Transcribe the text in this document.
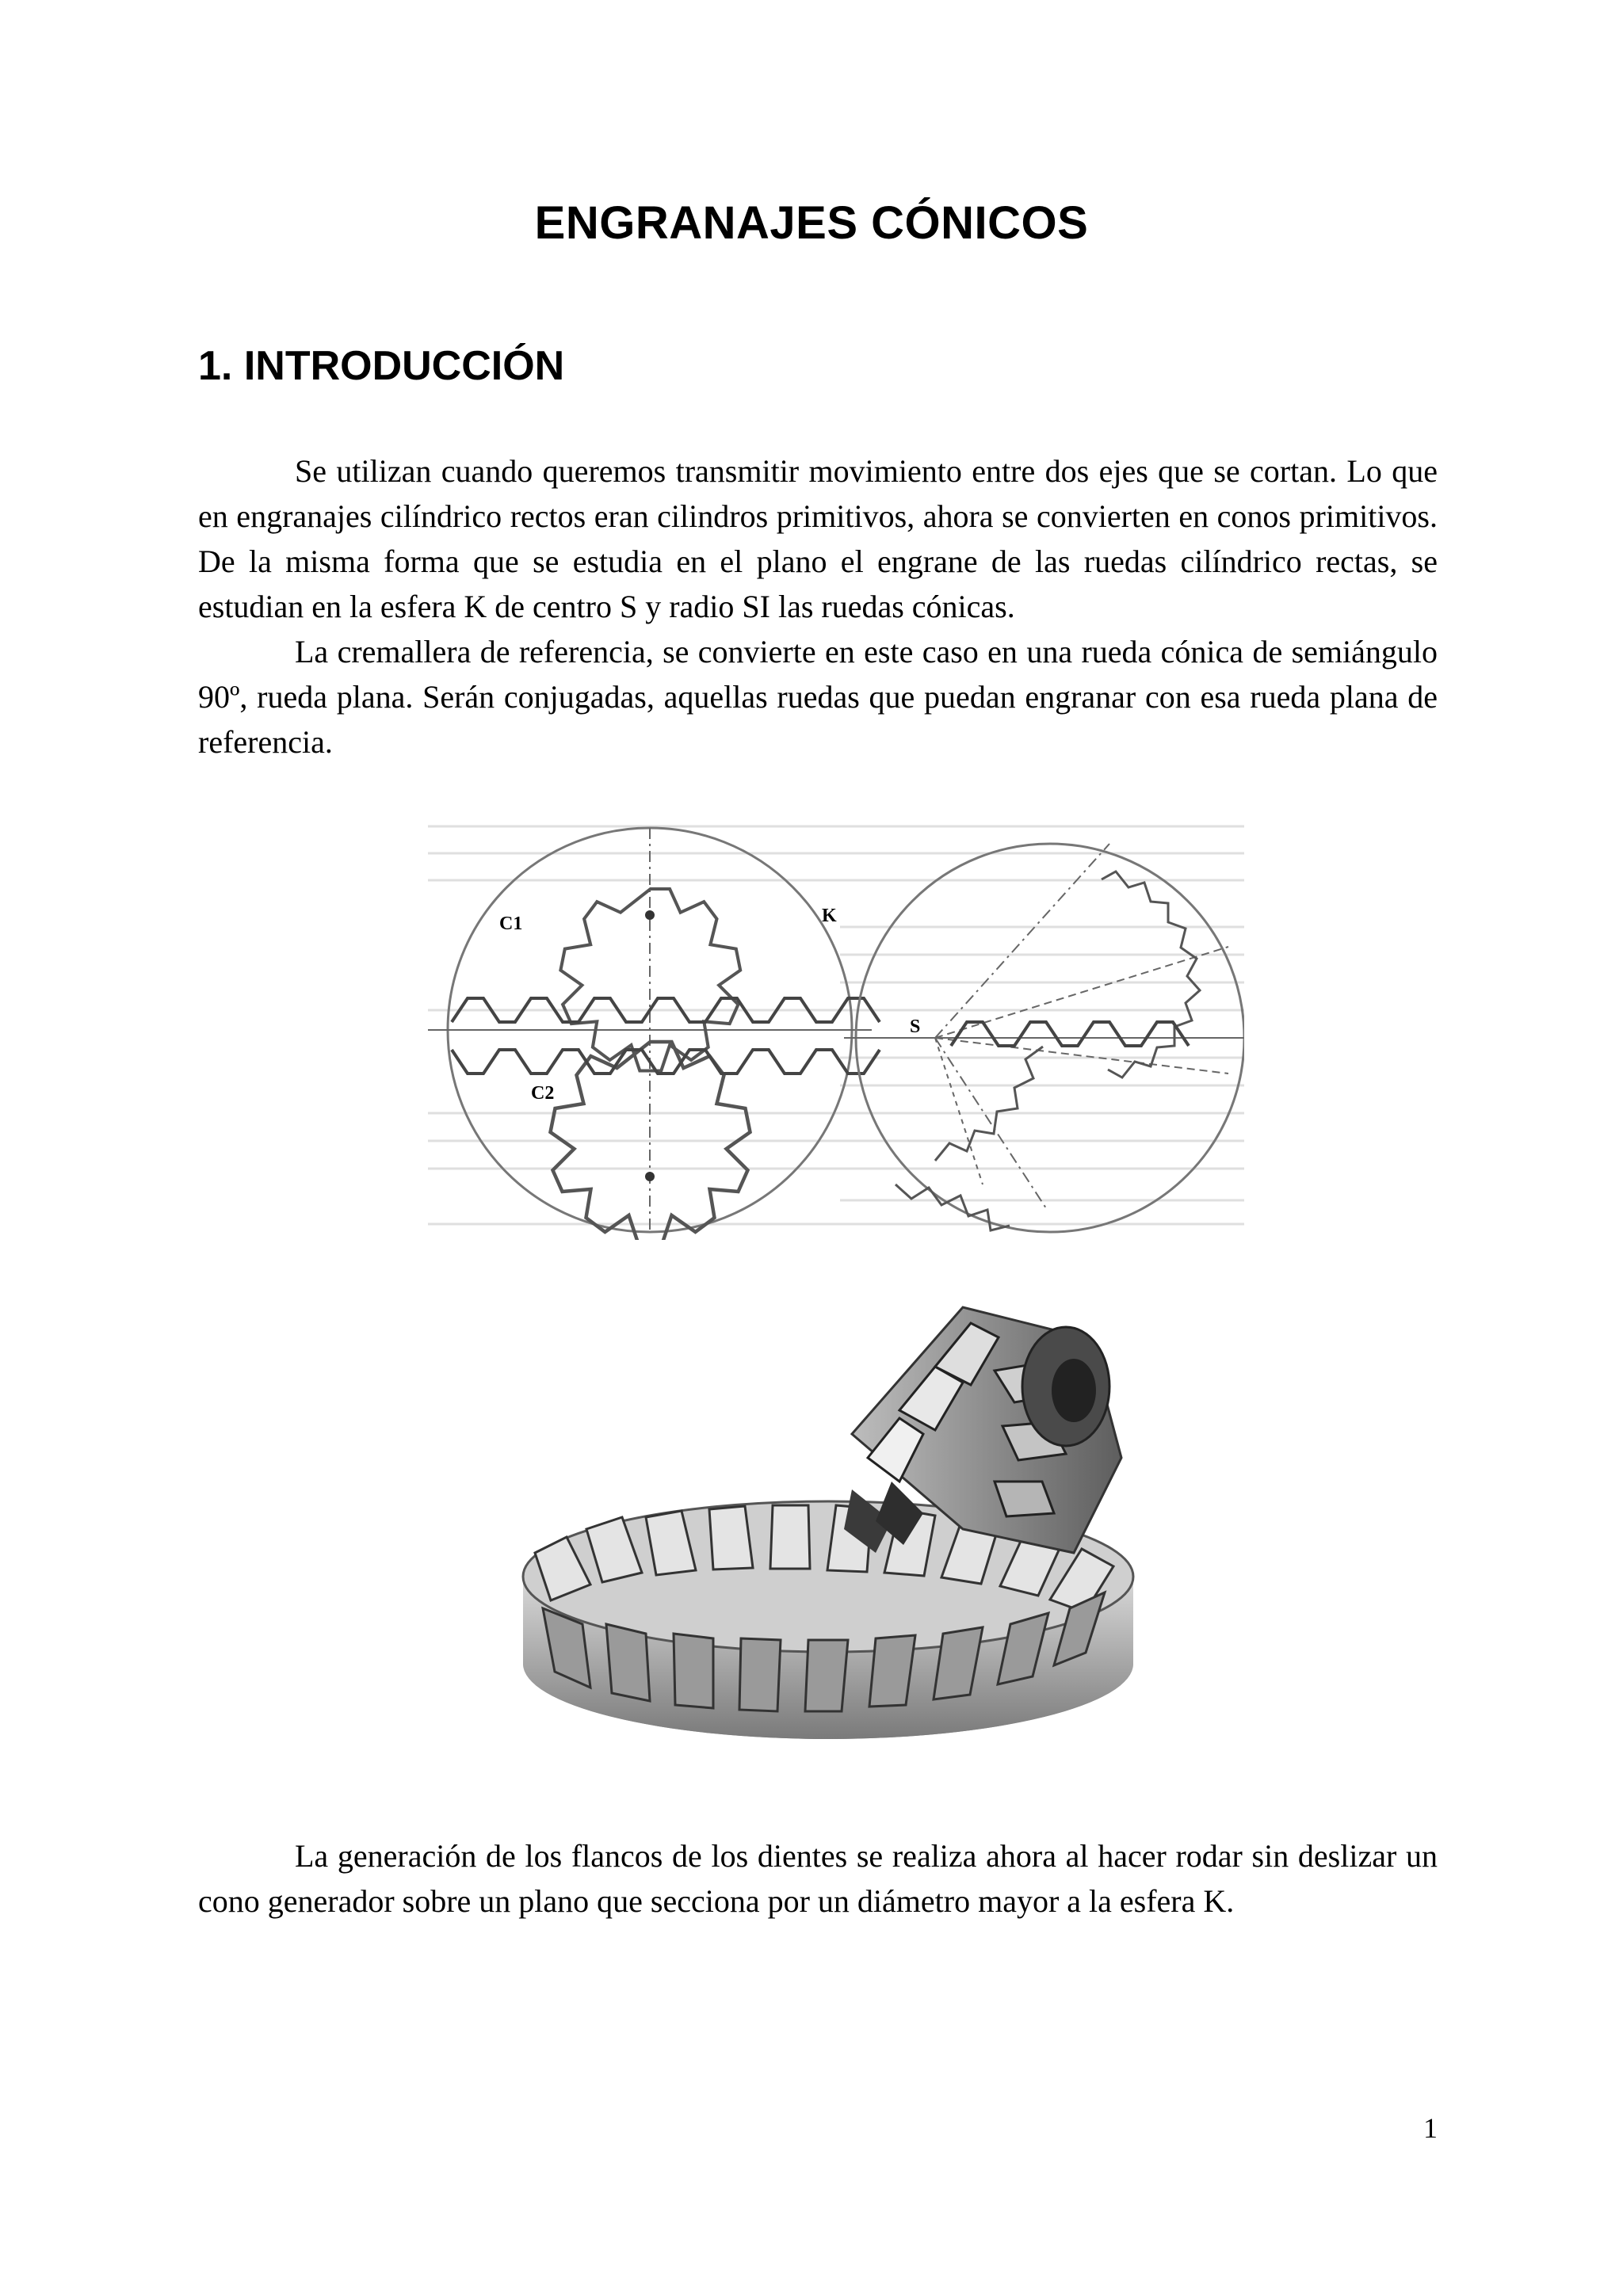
ENGRANAJES CÓNICOS
1. INTRODUCCIÓN

Se utilizan cuando queremos transmitir movimiento entre dos ejes que se cortan. Lo que en engranajes cilíndrico rectos eran cilindros primitivos, ahora se convierten en conos primitivos. De la misma forma que se estudia en el plano el engrane de las ruedas cilíndrico rectas, se estudian en la esfera K de centro S y radio SI las ruedas cónicas.

La cremallera de referencia, se convierte en este caso en una rueda cónica de semiángulo 90º, rueda plana. Serán conjugadas, aquellas ruedas que puedan engranar con esa rueda plana de referencia.

C1	K
S
C2

La generación de los flancos de los dientes se realiza ahora al hacer rodar sin deslizar un cono generador sobre un plano que secciona por un diámetro mayor a la esfera K.

1
